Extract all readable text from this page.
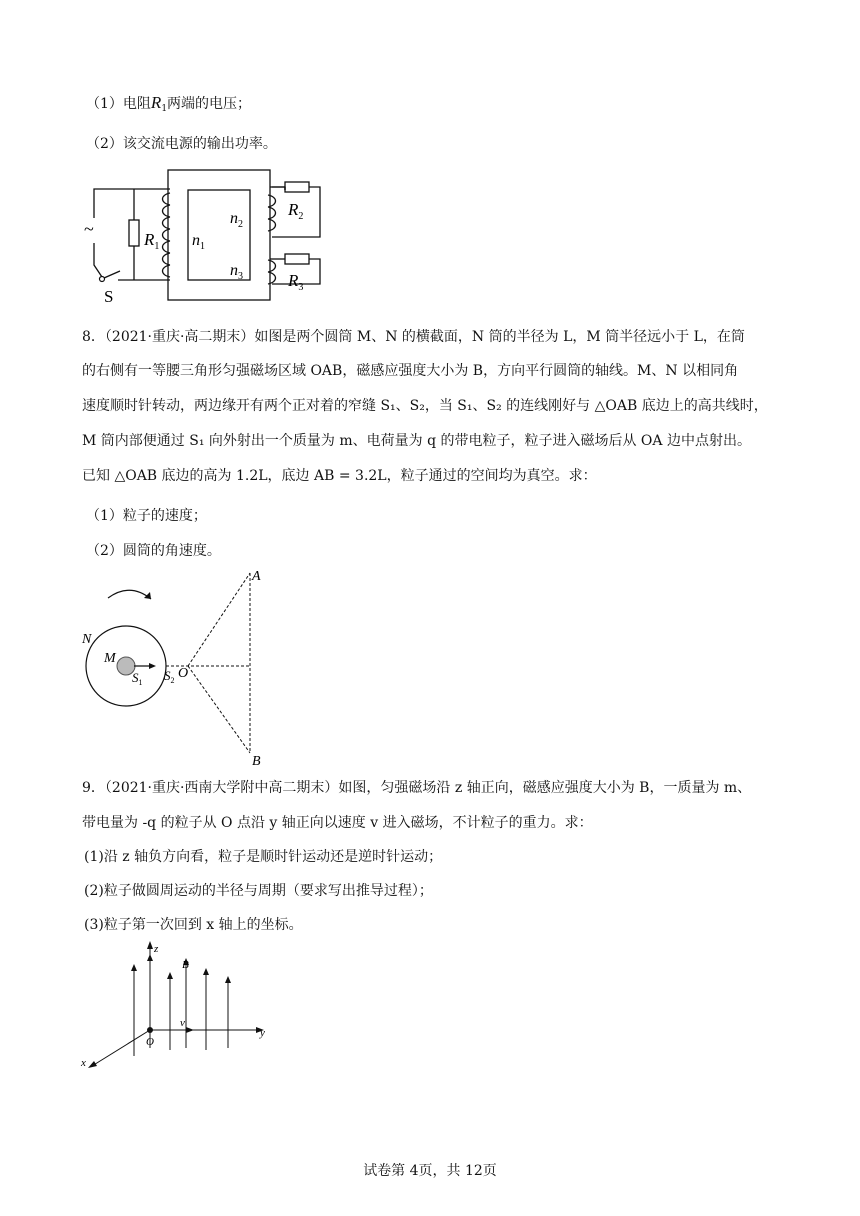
（1）电阻$R_1$两端的电压；
（2）该交流电源的输出功率。
~
S
$R_1$ $n_1$
$n_2$
$n_3$
$R_2$
$R_3$
8．（2021·重庆·高二期末）如图是两个圆筒 M、N 的横截面，N 筒的半径为 L，M 筒半径远小于 L，在筒
的右侧有一等腰三角形匀强磁场区域 OAB，磁感应强度大小为 B，方向平行圆筒的轴线。M、N 以相同角
速度顺时针转动，两边缘开有两个正对着的窄缝 S₁、S₂，当 S₁、S₂ 的连线刚好与 △OAB 底边上的高共线时，
M 筒内部便通过 S₁ 向外射出一个质量为 m、电荷量为 q 的带电粒子，粒子进入磁场后从 OA 边中点射出。
已知 △OAB 底边的高为 1.2L，底边 AB = 3.2L，粒子通过的空间均为真空。求：
（1）粒子的速度；
（2）圆筒的角速度。
A
B
N
M
O
$S_1$ $S_2$
9．（2021·重庆·西南大学附中高二期末）如图，匀强磁场沿 z 轴正向，磁感应强度大小为 B，一质量为 m、
带电量为 -q 的粒子从 O 点沿 y 轴正向以速度 v 进入磁场，不计粒子的重力。求：
(1)沿 z 轴负方向看，粒子是顺时针运动还是逆时针运动；
(2)粒子做圆周运动的半径与周期（要求写出推导过程）；
(3)粒子第一次回到 x 轴上的坐标。
z
y
x
B
v
O
试卷第 4页，共 12页
